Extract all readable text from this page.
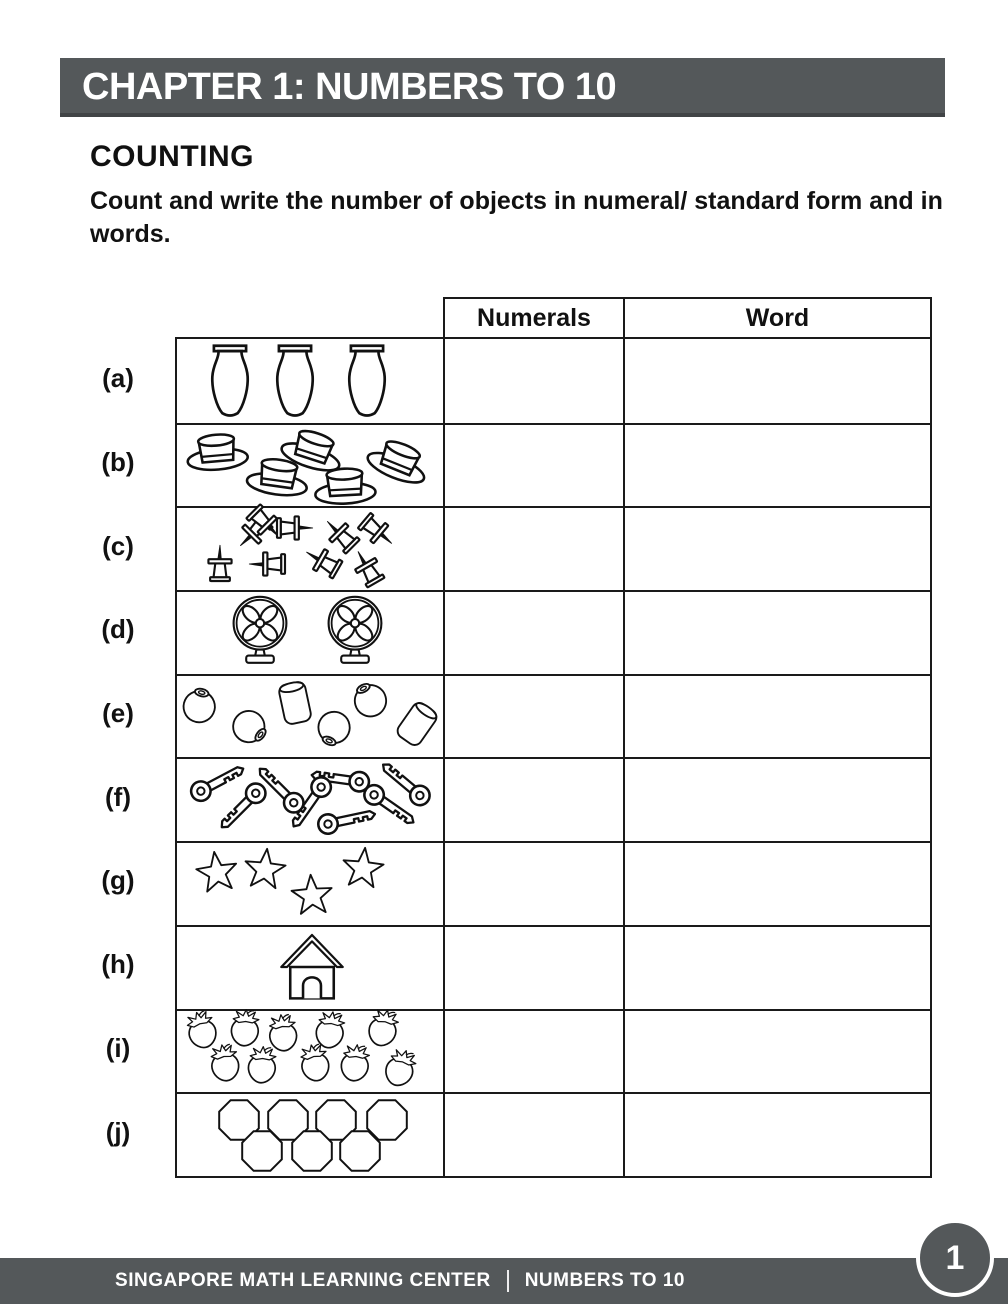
CHAPTER 1: NUMBERS TO 10
COUNTING

Count and write the number of objects in numeral/ standard form and in words.

Numerals	Word
(a)
(b)
(c)
(d)
(e)
(f)
(g)
(h)
(i)
(j)
SINGAPORE MATH LEARNING CENTER NUMBERS TO 10
1
